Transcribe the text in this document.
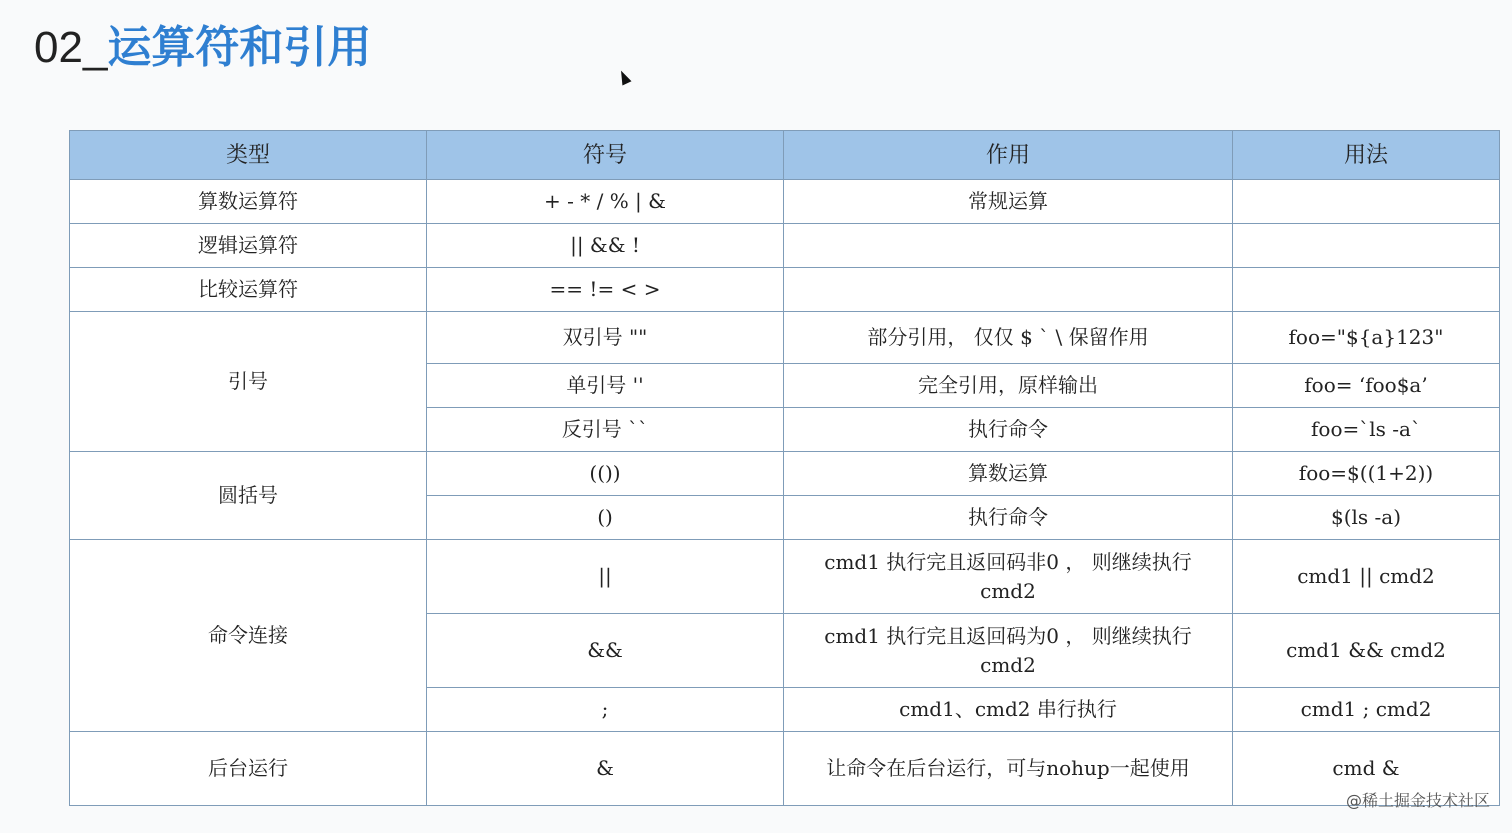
02_运算符和引用
类型	符号	作用	用法
算数运算符	+ - * / % | &	常规运算	
逻辑运算符	|| && !		
比较运算符	== != < >		
引号	双引号 ""	部分引用， 仅仅 $ ` \ 保留作用	foo="${a}123"
	单引号 ''	完全引用，原样输出	foo= ‘foo$a’
	反引号 ``	执行命令	foo=`ls -a`
圆括号	(())	算数运算	foo=$((1+2))
	()	执行命令	$(ls -a)
命令连接	||	cmd1 执行完且返回码非0 ， 则继续执行 cmd2	cmd1 || cmd2
	&&	cmd1 执行完且返回码为0 ， 则继续执行 cmd2	cmd1 && cmd2
	;	cmd1、cmd2 串行执行	cmd1 ; cmd2
后台运行	&	让命令在后台运行，可与nohup一起使用	cmd &
@稀土掘金技术社区
